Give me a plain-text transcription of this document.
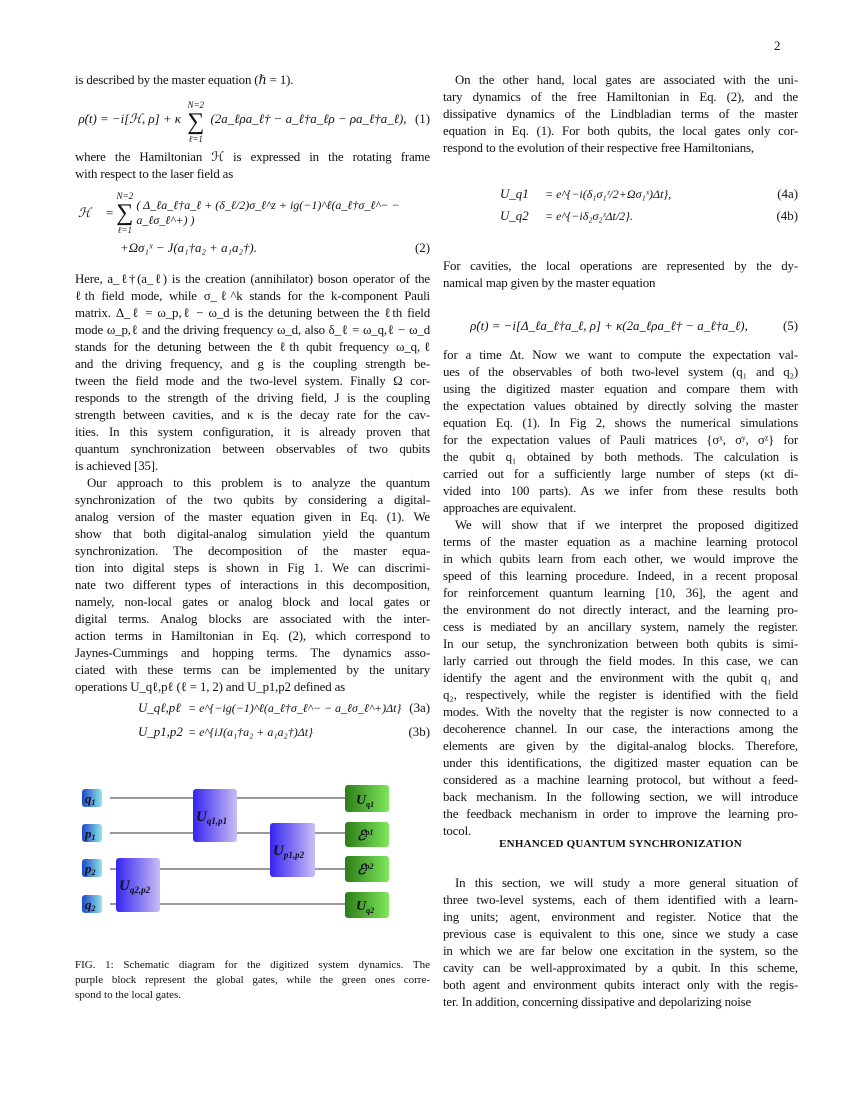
2
is described by the master equation (ℏ = 1).
ρ̇(t) = −i[ℋ, ρ] + κ ∑
N=2
ℓ=1
(2a_ℓρa_ℓ† − a_ℓ†a_ℓρ − ρa_ℓ†a_ℓ), (1)
where the Hamiltonian ℋ is expressed in the rotating frame
with respect to the laser field as
ℋ = ∑
N=2
ℓ=1
( Δ_ℓa_ℓ†a_ℓ + (δ_ℓ/2)σ_ℓ^z + ig(−1)^ℓ(a_ℓ†σ_ℓ^− − a_ℓσ_ℓ^+) )
+Ωσ₁ˣ − J(a₁†a₂ + a₁a₂†).	(2)
Here, a_ℓ†(a_ℓ) is the creation (annihilator) boson operator of the
ℓth field mode, while σ_ℓ^k stands for the k-component Pauli
matrix. Δ_ℓ = ω_p,ℓ − ω_d is the detuning between the ℓth field
mode ω_p,ℓ and the driving frequency ω_d, also δ_ℓ = ω_q,ℓ − ω_d
stands for the detuning between the ℓth qubit frequency ω_q,ℓ
and the driving frequency, and g is the coupling strength be-
tween the field mode and the two-level system. Finally Ω cor-
responds to the strength of the driving field, J is the coupling
strength between cavities, and κ is the decay rate for the cav-
ities. In this system configuration, it is already proven that
quantum synchronization between observables of two qubits
is achieved [35].
Our approach to this problem is to analyze the quantum
synchronization of the two qubits by considering a digital-
analog version of the master equation given in Eq. (1). We
show that both digital-analog simulation yield the quantum
synchronization. The decomposition of the master equa-
tion into digital steps is shown in Fig 1. We can discrimi-
nate two different types of interactions in this decomposition,
namely, non-local gates or analog block and local gates or
digital terms. Analog blocks are associated with the inter-
action terms in Hamiltonian in Eq. (2), which correspond to
Jaynes-Cummings and hopping terms. The dynamics asso-
ciated with these terms can be implemented by the unitary
operations U_qℓ,pℓ (ℓ = 1, 2) and U_p1,p2 defined as
U_qℓ,pℓ = e^{−ig(−1)^ℓ(a_ℓ†σ_ℓ^− − a_ℓσ_ℓ^+)Δt} (3a)
U_p1,p2 = e^{iJ(a₁†a₂ + a₁a₂†)Δt}	(3b)
q1
p1
p2
q2
$U_{q1,p1}$
$U_{p1,p2}$
$U_{q2,p2}$
$U_{q1}$
ℰ$^{p1}$
ℰ$^{p2}$
$U_{q2}$
FIG. 1: Schematic diagram for the digitized system dynamics. The
purple block represent the global gates, while the green ones corre-
spond to the local gates.
On the other hand, local gates are associated with the uni-
tary dynamics of the free Hamiltonian in Eq. (2), and the
dissipative dynamics of the Lindbladian terms of the master
equation in Eq. (1). For both qubits, the local gates only cor-
respond to the evolution of their respective free Hamiltonians,
U_q1	= e^{−i(δ₁σ₁ᶻ/2+Ωσ₁ˣ)Δt},	(4a)
U_q2	= e^{−iδ₂σ₂ᶻΔt/2}.	(4b)
For cavities, the local operations are represented by the dy-
namical map given by the master equation
ρ̇(t) = −i[Δ_ℓa_ℓ†a_ℓ, ρ] + κ(2a_ℓρa_ℓ† − a_ℓ†a_ℓ),	(5)
for a time Δt. Now we want to compute the expectation val-
ues of the observables of both two-level system (q₁ and q₂)
using the digitized master equation and compare them with
the expectation values obtained by directly solving the master
equation Eq. (1). In Fig 2, shows the numerical simulations
for the expectation values of Pauli matrices {σˣ, σʸ, σᶻ} for
the qubit q₁ obtained by both methods. The calculation is
carried out for a sufficiently large number of steps (κt di-
vided into 100 parts). As we infer from these results both
approaches are equivalent.
We will show that if we interpret the proposed digitized
terms of the master equation as a machine learning protocol
in which qubits learn from each other, we would improve the
speed of this learning procedure. Indeed, in a recent proposal
for reinforcement quantum learning [10, 36], the agent and
the environment do not directly interact, and the learning pro-
cess is mediated by an ancillary system, namely the register.
In our setup, the synchronization between both qubits is simi-
larly carried out through the field modes. In this case, we can
identify the agent and the environment with the qubit q₁ and
q₂, respectively, while the register is identified with the field
modes. With the novelty that the register is now connected to a
decoherence channel. In our case, the interactions among the
elements are given by the digital-analog blocks. Therefore,
under this identifications, the digitized master equation can be
considered as a machine learning protocol, but without a feed-
back mechanism. In the following section, we will introduce
the feedback mechanism in order to improve the learning pro-
tocol.
ENHANCED QUANTUM SYNCHRONIZATION
In this section, we will study a more general situation of
three two-level systems, each of them identified with a learn-
ing units; agent, environment and register. Notice that the
previous case is equivalent to this one, since we study a case
in which we are far below one excitation in the system, so the
cavity can be well-approximated by a qubit. In this scheme,
both agent and environment qubits interact only with the regis-
ter. In addition, concerning dissipative and depolarizing noise
